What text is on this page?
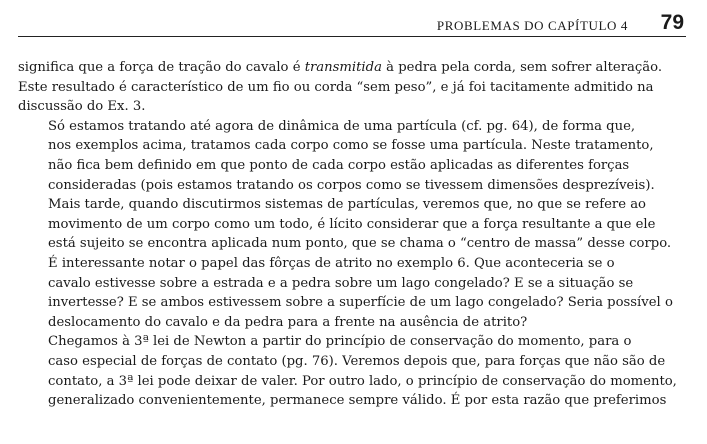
PROBLEMAS DO CAPÍTULO 4 79

significa que a força de tração do cavalo é transmitida à pedra pela corda, sem sofrer alteração.
Este resultado é característico de um fio ou corda “sem peso”, e já foi tacitamente admitido na
discussão do Ex. 3.

Só estamos tratando até agora de dinâmica de uma partícula (cf. pg. 64), de forma que,
nos exemplos acima, tratamos cada corpo como se fosse uma partícula. Neste tratamento,
não fica bem definido em que ponto de cada corpo estão aplicadas as diferentes forças
consideradas (pois estamos tratando os corpos como se tivessem dimensões desprezíveis).
Mais tarde, quando discutirmos sistemas de partículas, veremos que, no que se refere ao
movimento de um corpo como um todo, é lícito considerar que a força resultante a que ele
está sujeito se encontra aplicada num ponto, que se chama o “centro de massa” desse corpo.

É interessante notar o papel das fôrças de atrito no exemplo 6. Que aconteceria se o
cavalo estivesse sobre a estrada e a pedra sobre um lago congelado? E se a situação se
invertesse? E se ambos estivessem sobre a superfície de um lago congelado? Seria possível o
deslocamento do cavalo e da pedra para a frente na ausência de atrito?

Chegamos à 3ª lei de Newton a partir do princípio de conservação do momento, para o
caso especial de forças de contato (pg. 76). Veremos depois que, para forças que não são de
contato, a 3ª lei pode deixar de valer. Por outro lado, o princípio de conservação do momento,
generalizado convenientemente, permanece sempre válido. É por esta razão que preferimos
